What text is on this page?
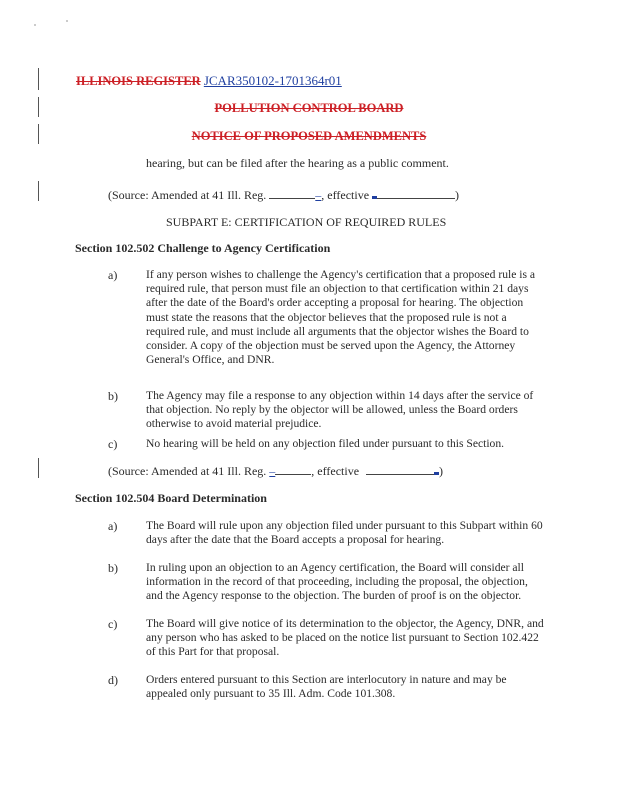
ILLINOIS REGISTER JCAR350102-1701364r01
POLLUTION CONTROL BOARD
NOTICE OF PROPOSED AMENDMENTS
hearing, but can be filed after the hearing as a public comment.
(Source: Amended at 41 Ill. Reg.	–, effective	)
SUBPART E: CERTIFICATION OF REQUIRED RULES
Section 102.502 Challenge to Agency Certification
a) If any person wishes to challenge the Agency's certification that a proposed rule is a required rule, that person must file an objection to that certification within 21 days after the date of the Board's order accepting a proposal for hearing. The objection must state the reasons that the objector believes that the proposed rule is not a required rule, and must include all arguments that the objector wishes the Board to consider. A copy of the objection must be served upon the Agency, the Attorney General's Office, and DNR.
b) The Agency may file a response to any objection within 14 days after the service of that objection. No reply by the objector will be allowed, unless the Board orders otherwise to avoid material prejudice.
c) No hearing will be held on any objection filed under pursuant to this Section.
(Source: Amended at 41 Ill. Reg. –	, effective	)
Section 102.504 Board Determination
a) The Board will rule upon any objection filed under pursuant to this Subpart within 60 days after the date that the Board accepts a proposal for hearing.
b) In ruling upon an objection to an Agency certification, the Board will consider all information in the record of that proceeding, including the proposal, the objection, and the Agency response to the objection. The burden of proof is on the objector.
c) The Board will give notice of its determination to the objector, the Agency, DNR, and any person who has asked to be placed on the notice list pursuant to Section 102.422 of this Part for that proposal.
d) Orders entered pursuant to this Section are interlocutory in nature and may be appealed only pursuant to 35 Ill. Adm. Code 101.308.
